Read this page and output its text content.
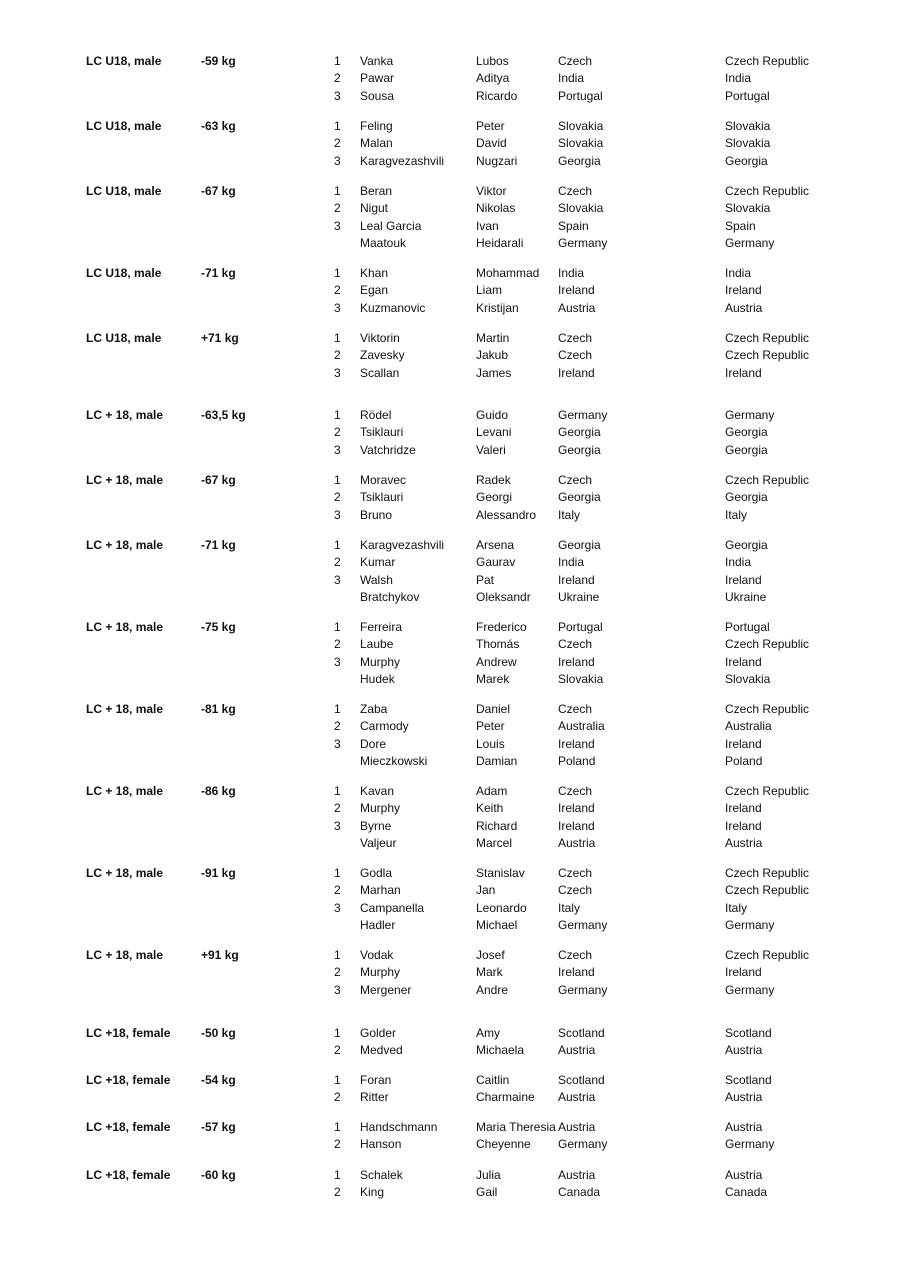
LC U18, male	-59 kg	1 Vanka	Lubos	Czech	Czech Republic
2 Pawar	Aditya	India	India
3 Sousa	Ricardo	Portugal	Portugal
LC U18, male	-63 kg	1 Feling	Peter	Slovakia	Slovakia
2 Malan	David	Slovakia	Slovakia
3 Karagvezashvili	Nugzari	Georgia	Georgia
LC U18, male	-67 kg	1 Beran	Viktor	Czech	Czech Republic
2 Nigut	Nikolas	Slovakia	Slovakia
3 Leal Garcia	Ivan	Spain	Spain
Maatouk	Heidarali	Germany	Germany
LC U18, male	-71 kg	1 Khan	Mohammad India	India
2 Egan	Liam	Ireland	Ireland
3 Kuzmanovic	Kristijan	Austria	Austria
LC U18, male	+71 kg	1 Viktorin	Martin	Czech	Czech Republic
2 Zavesky	Jakub	Czech	Czech Republic
3 Scallan	James	Ireland	Ireland
LC + 18, male	-63,5 kg	1 Rödel	Guido	Germany	Germany
2 Tsiklauri	Levani	Georgia	Georgia
3 Vatchridze	Valeri	Georgia	Georgia
LC + 18, male	-67 kg	1 Moravec	Radek	Czech	Czech Republic
2 Tsiklauri	Georgi	Georgia	Georgia
3 Bruno	Alessandro Italy	Italy
LC + 18, male	-71 kg	1 Karagvezashvili	Arsena	Georgia	Georgia
2 Kumar	Gaurav	India	India
3 Walsh	Pat	Ireland	Ireland
Bratchykov	Oleksandr Ukraine	Ukraine
LC + 18, male	-75 kg	1 Ferreira	Frederico	Portugal	Portugal
2 Laube	Thomás	Czech	Czech Republic
3 Murphy	Andrew	Ireland	Ireland
Hudek	Marek	Slovakia	Slovakia
LC + 18, male	-81 kg	1 Zaba	Daniel	Czech	Czech Republic
2 Carmody	Peter	Australia	Australia
3 Dore	Louis	Ireland	Ireland
Mieczkowski	Damian	Poland	Poland
LC + 18, male	-86 kg	1 Kavan	Adam	Czech	Czech Republic
2 Murphy	Keith	Ireland	Ireland
3 Byrne	Richard	Ireland	Ireland
Valjeur	Marcel	Austria	Austria
LC + 18, male	-91 kg	1 Godla	Stanislav	Czech	Czech Republic
2 Marhan	Jan	Czech	Czech Republic
3 Campanella	Leonardo	Italy	Italy
Hadler	Michael	Germany	Germany
LC + 18, male	+91 kg	1 Vodak	Josef	Czech	Czech Republic
2 Murphy	Mark	Ireland	Ireland
3 Mergener	Andre	Germany	Germany
LC +18, female	-50 kg	1 Golder	Amy	Scotland	Scotland
2 Medved	Michaela	Austria	Austria
LC +18, female	-54 kg	1 Foran	Caitlin	Scotland	Scotland
2 Ritter	Charmaine Austria	Austria
LC +18, female	-57 kg	1 Handschmann	Maria Theresia Austria	Austria
2 Hanson	Cheyenne Germany	Germany
LC +18, female	-60 kg	1 Schalek	Julia	Austria	Austria
2 King	Gail	Canada	Canada
